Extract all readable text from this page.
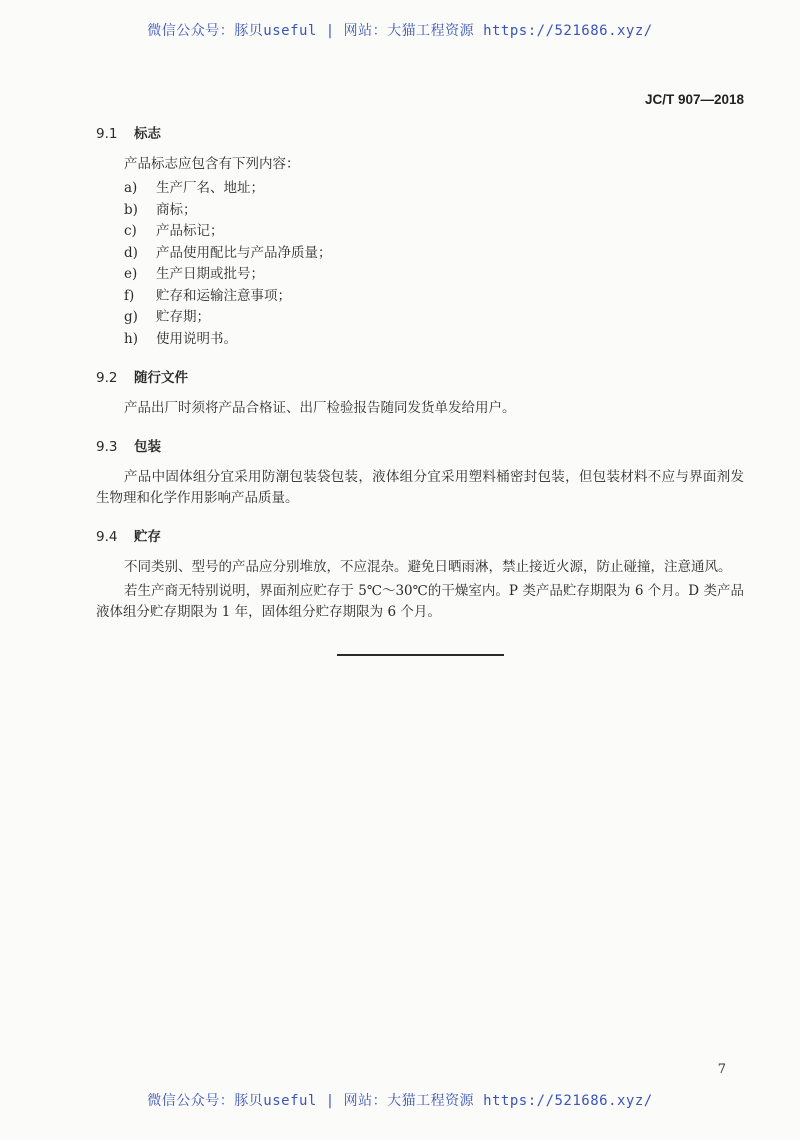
微信公众号：豚贝useful | 网站：大猫工程资源 https://521686.xyz/
JC/T 907—2018
9.1	标志

产品标志应包含有下列内容：

a)	生产厂名、地址；
b)	商标；
c)	产品标记；
d)	产品使用配比与产品净质量；
e)	生产日期或批号；
f)	贮存和运输注意事项；
g)	贮存期；
h)	使用说明书。
9.2	随行文件

产品出厂时须将产品合格证、出厂检验报告随同发货单发给用户。

9.3	包装

产品中固体组分宜采用防潮包装袋包装，液体组分宜采用塑料桶密封包装，但包装材料不应与界面剂发生物理和化学作用影响产品质量。

9.4	贮存

不同类别、型号的产品应分别堆放，不应混杂。避免日晒雨淋，禁止接近火源，防止碰撞，注意通风。

若生产商无特别说明，界面剂应贮存于 5℃～30℃的干燥室内。P 类产品贮存期限为 6 个月。D 类产品液体组分贮存期限为 1 年，固体组分贮存期限为 6 个月。

7
微信公众号：豚贝useful | 网站：大猫工程资源 https://521686.xyz/
